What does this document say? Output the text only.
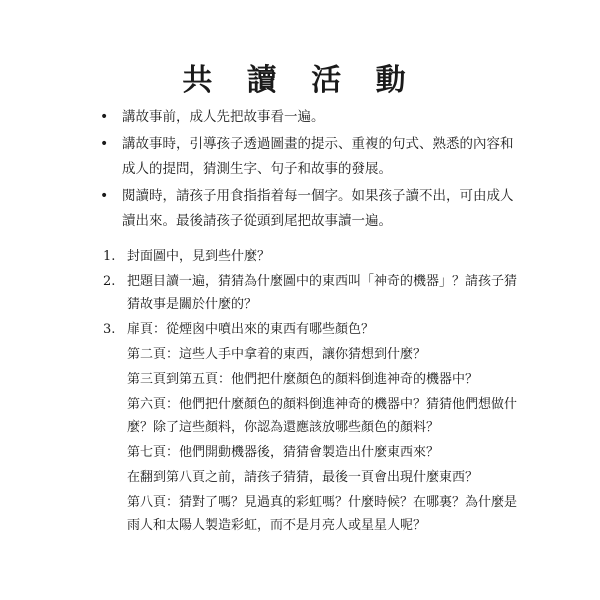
共 讀 活 動
• 講故事前，成人先把故事看一遍。
• 講故事時，引導孩子透過圖畫的提示、重複的句式、熟悉的內容和成人的提問，猜測生字、句子和故事的發展。
• 閱讀時，請孩子用食指指着每一個字。如果孩子讀不出，可由成人讀出來。最後請孩子從頭到尾把故事讀一遍。
1. 封面圖中，見到些什麼？
2. 把題目讀一遍，猜猜為什麼圖中的東西叫「神奇的機器」？請孩子猜猜故事是關於什麼的？
3. 扉頁：從煙囪中噴出來的東西有哪些顏色？
第二頁：這些人手中拿着的東西，讓你猜想到什麼？
第三頁到第五頁：他們把什麼顏色的顏料倒進神奇的機器中？
第六頁：他們把什麼顏色的顏料倒進神奇的機器中？猜猜他們想做什麼？除了這些顏料，你認為還應該放哪些顏色的顏料？
第七頁：他們開動機器後，猜猜會製造出什麼東西來？
在翻到第八頁之前，請孩子猜猜，最後一頁會出現什麼東西？
第八頁：猜對了嗎？見過真的彩虹嗎？什麼時候？在哪裏？為什麼是雨人和太陽人製造彩虹，而不是月亮人或星星人呢？
